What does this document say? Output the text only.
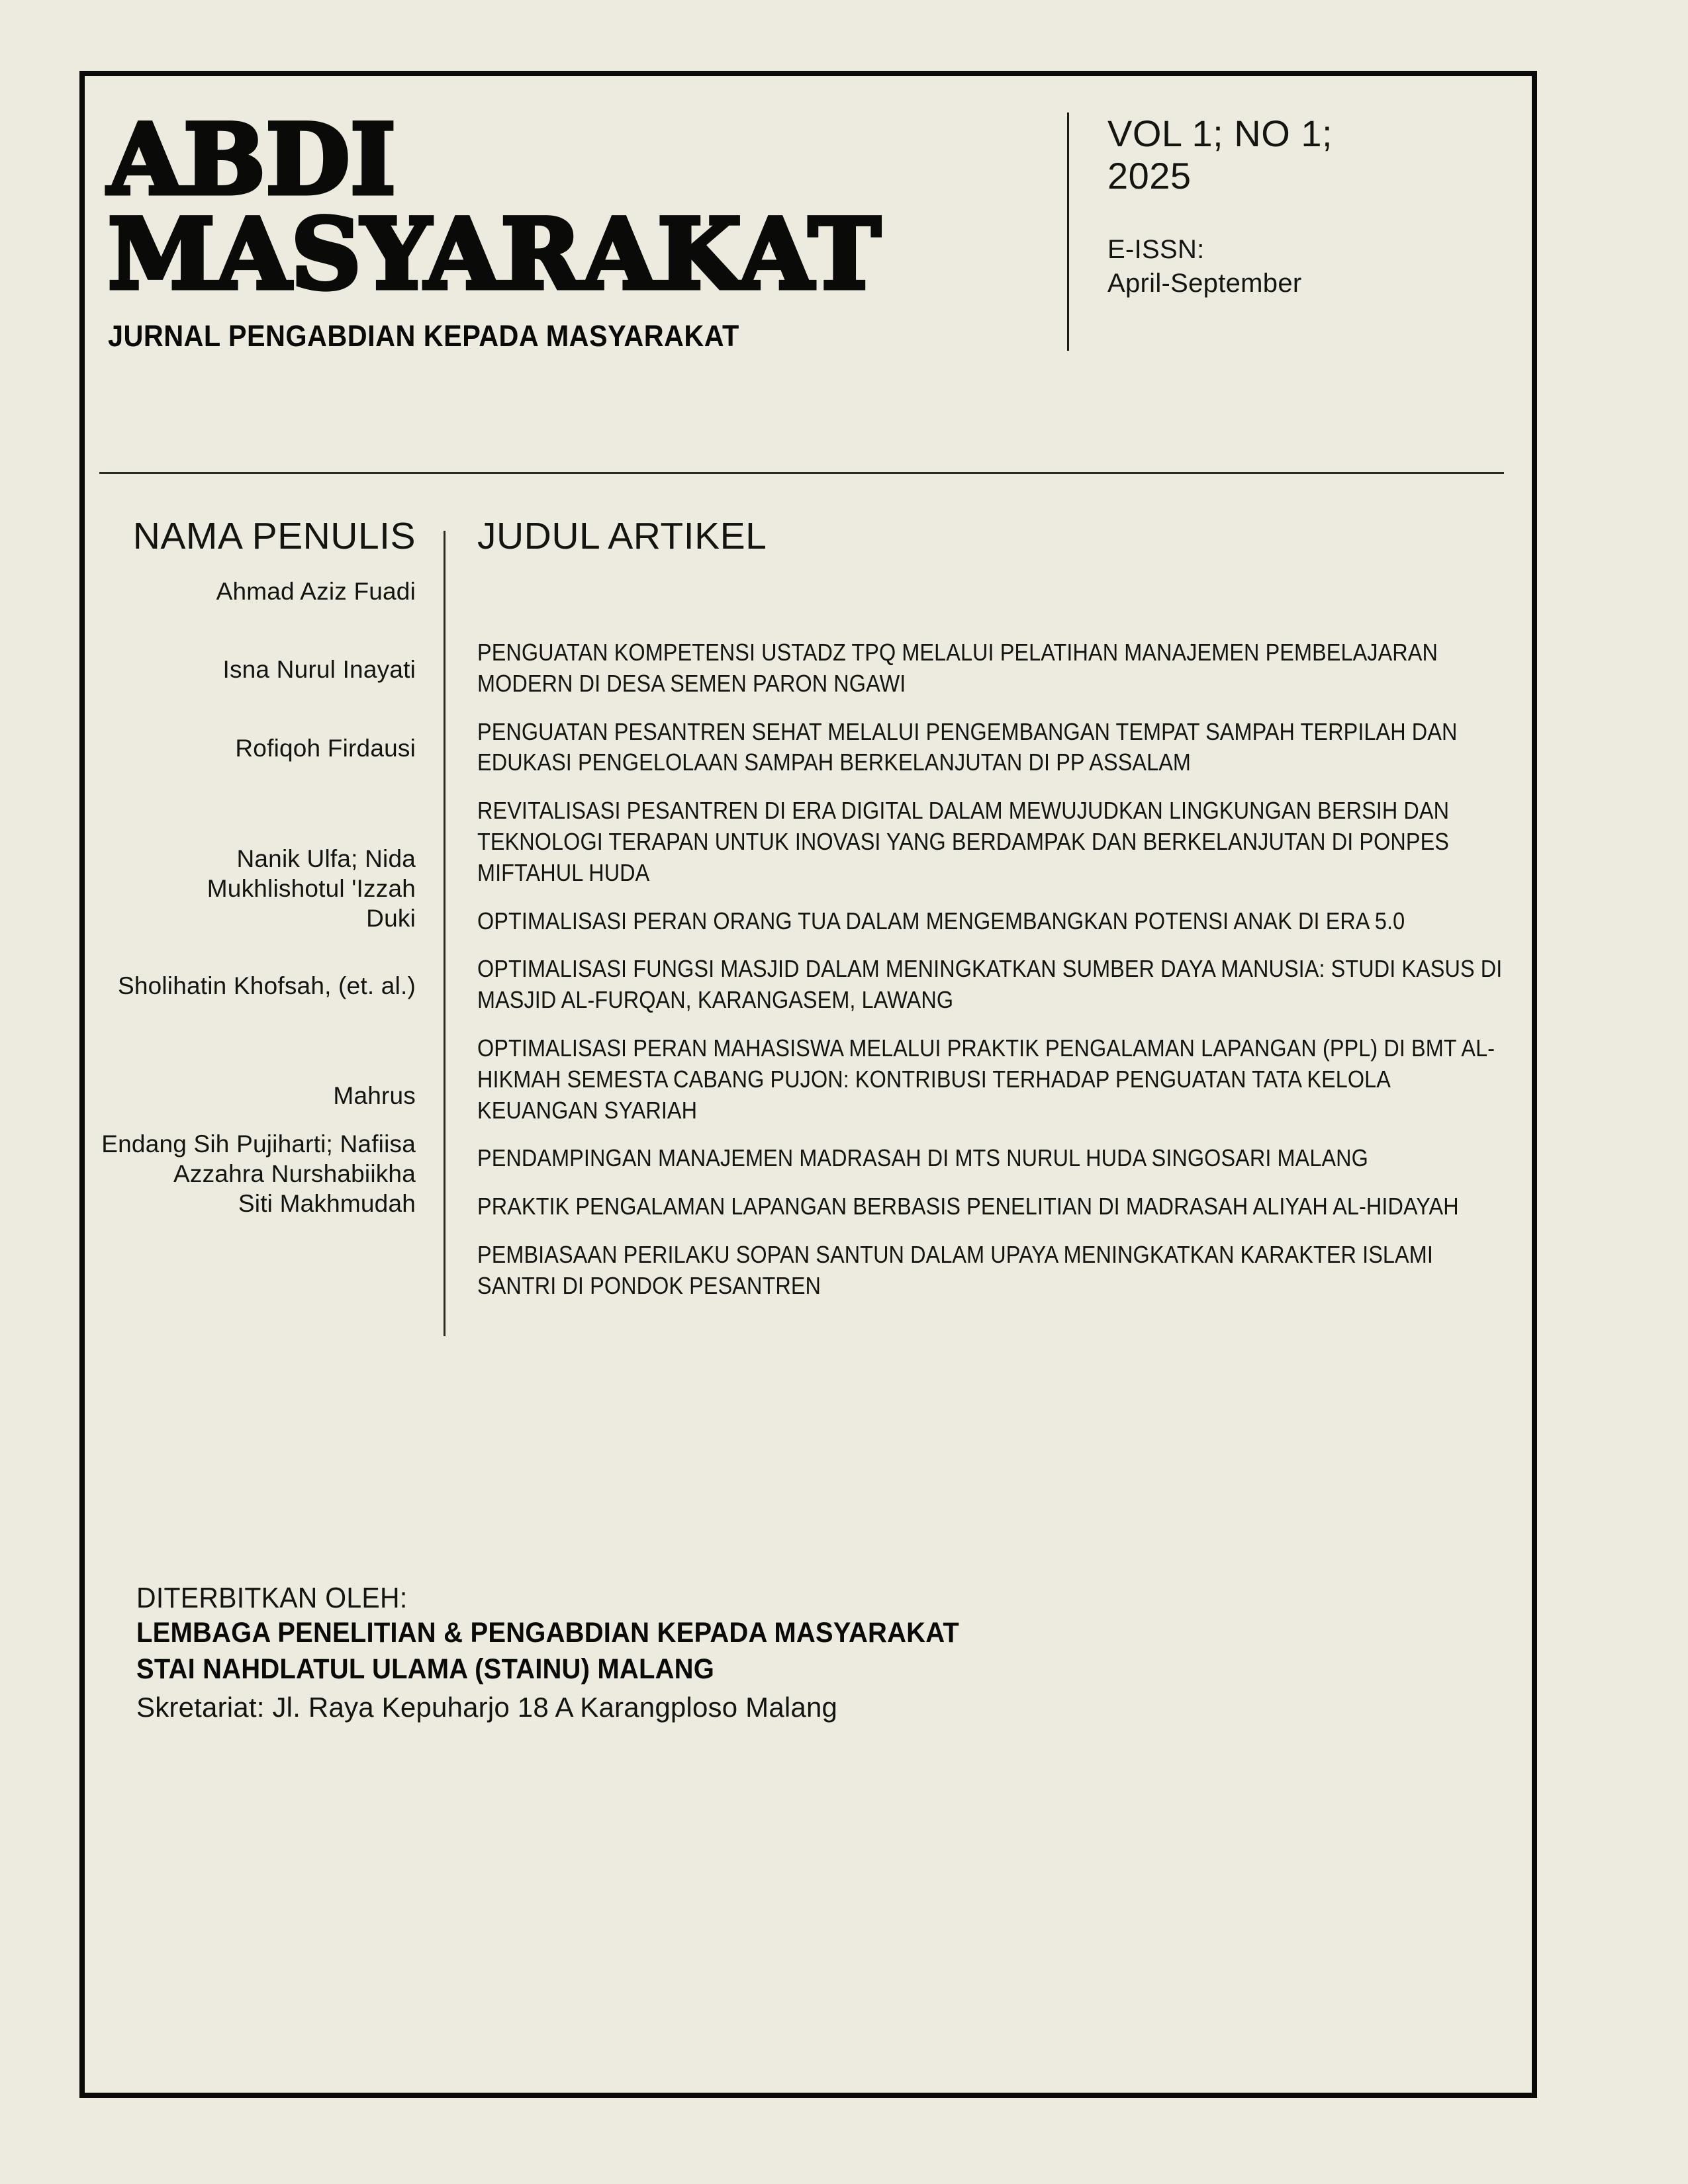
ABDI
MASYARAKAT
JURNAL PENGABDIAN KEPADA MASYARAKAT
VOL 1; NO 1;
2025
E-ISSN:
April-September
NAMA PENULIS
Ahmad Aziz Fuadi
Isna Nurul Inayati
Rofiqoh Firdausi
Nanik Ulfa; Nida Mukhlishotul 'Izzah
Duki
Sholihatin Khofsah, (et. al.)
Mahrus
Endang Sih Pujiharti; Nafiisa Azzahra Nurshabiikha
Siti Makhmudah
JUDUL ARTIKEL
PENGUATAN KOMPETENSI USTADZ TPQ MELALUI PELATIHAN MANAJEMEN PEMBELAJARAN MODERN DI DESA SEMEN PARON NGAWI
PENGUATAN PESANTREN SEHAT MELALUI PENGEMBANGAN TEMPAT SAMPAH TERPILAH DAN EDUKASI PENGELOLAAN SAMPAH BERKELANJUTAN DI PP ASSALAM
REVITALISASI PESANTREN DI ERA DIGITAL DALAM MEWUJUDKAN LINGKUNGAN BERSIH DAN TEKNOLOGI TERAPAN UNTUK INOVASI YANG BERDAMPAK DAN BERKELANJUTAN DI PONPES MIFTAHUL HUDA
OPTIMALISASI PERAN ORANG TUA DALAM MENGEMBANGKAN POTENSI ANAK DI ERA 5.0
OPTIMALISASI FUNGSI MASJID DALAM MENINGKATKAN SUMBER DAYA MANUSIA: STUDI KASUS DI MASJID AL-FURQAN, KARANGASEM, LAWANG
OPTIMALISASI PERAN MAHASISWA MELALUI PRAKTIK PENGALAMAN LAPANGAN (PPL) DI BMT AL-HIKMAH SEMESTA CABANG PUJON: KONTRIBUSI TERHADAP PENGUATAN TATA KELOLA KEUANGAN SYARIAH
PENDAMPINGAN MANAJEMEN MADRASAH DI MTS NURUL HUDA SINGOSARI MALANG
PRAKTIK PENGALAMAN LAPANGAN BERBASIS PENELITIAN DI MADRASAH ALIYAH AL-HIDAYAH
PEMBIASAAN PERILAKU SOPAN SANTUN DALAM UPAYA MENINGKATKAN KARAKTER ISLAMI SANTRI DI PONDOK PESANTREN
DITERBITKAN OLEH:
LEMBAGA PENELITIAN & PENGABDIAN KEPADA MASYARAKAT
STAI NAHDLATUL ULAMA (STAINU) MALANG
Skretariat: Jl. Raya Kepuharjo 18 A Karangploso Malang
